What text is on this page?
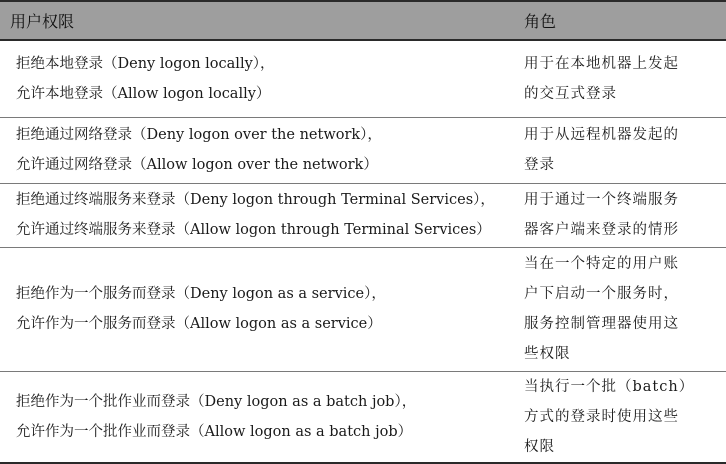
用户权限	角色

拒绝本地登录（Deny logon locally），
允许本地登录（Allow logon locally）	用于在本地机器上发起
的交互式登录

拒绝通过网络登录（Deny logon over the network），
允许通过网络登录（Allow logon over the network）	用于从远程机器发起的
登录

拒绝通过终端服务来登录（Deny logon through Terminal Services），
允许通过终端服务来登录（Allow logon through Terminal Services）	用于通过一个终端服务
器客户端来登录的情形

拒绝作为一个服务而登录（Deny logon as a service），
允许作为一个服务而登录（Allow logon as a service）	当在一个特定的用户账
户下启动一个服务时，
服务控制管理器使用这
些权限

拒绝作为一个批作业而登录（Deny logon as a batch job），
允许作为一个批作业而登录（Allow logon as a batch job）	当执行一个批（batch）
方式的登录时使用这些
权限
